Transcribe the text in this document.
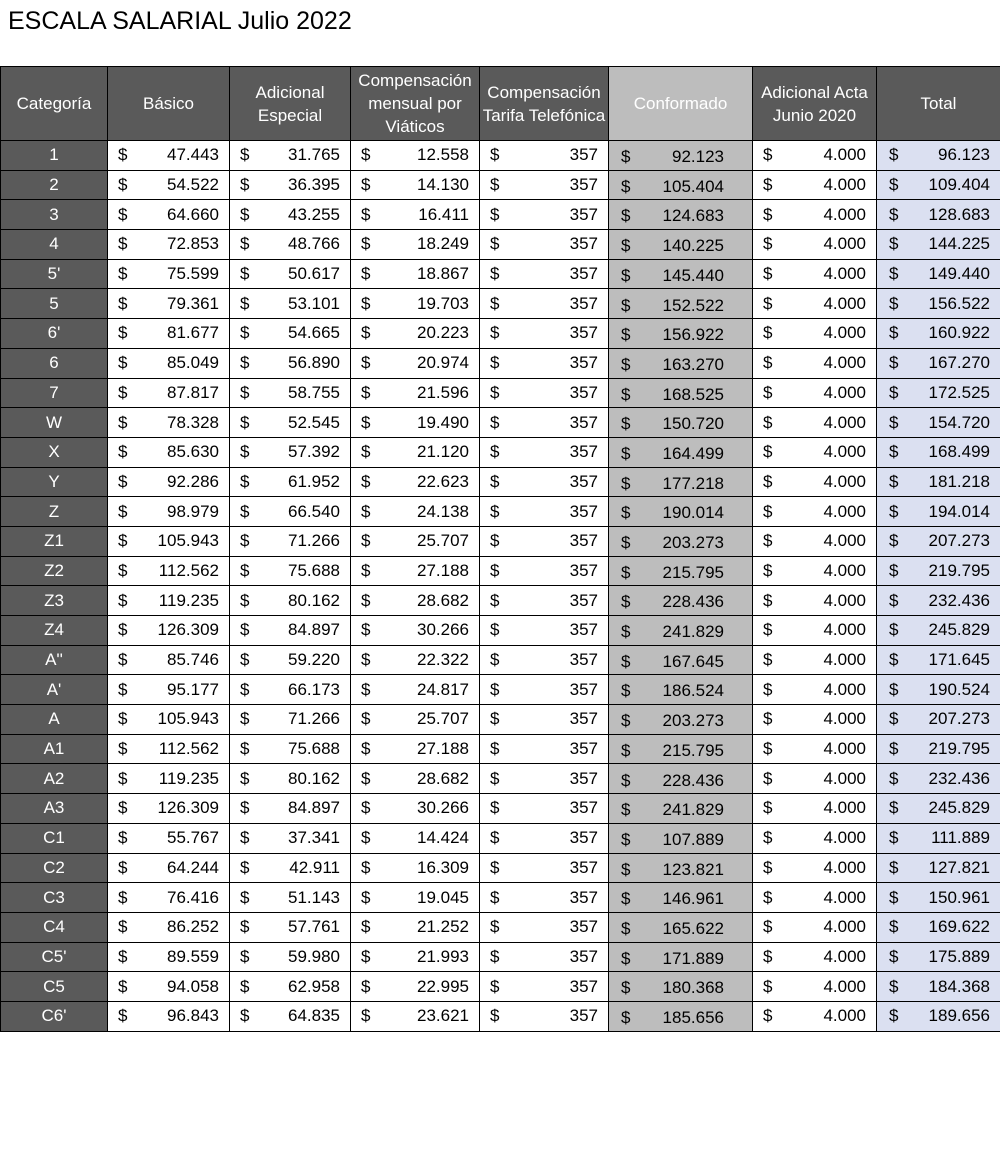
ESCALA SALARIAL Julio 2022
Categoría	Básico	Adicional Especial	Compensación mensual por Viáticos	Compensación Tarifa Telefónica	Conformado	Adicional Acta Junio 2020	Total
1	$ 47.443	$ 31.765	$ 12.558	$ 357	$ 92.123	$ 4.000	$ 96.123

2	$ 54.522	$ 36.395	$ 14.130	$ 357	$ 105.404	$ 4.000	$ 109.404

3	$ 64.660	$ 43.255	$ 16.411	$ 357	$ 124.683	$ 4.000	$ 128.683

4	$ 72.853	$ 48.766	$ 18.249	$ 357	$ 140.225	$ 4.000	$ 144.225

5'	$ 75.599	$ 50.617	$ 18.867	$ 357	$ 145.440	$ 4.000	$ 149.440

5	$ 79.361	$ 53.101	$ 19.703	$ 357	$ 152.522	$ 4.000	$ 156.522

6'	$ 81.677	$ 54.665	$ 20.223	$ 357	$ 156.922	$ 4.000	$ 160.922

6	$ 85.049	$ 56.890	$ 20.974	$ 357	$ 163.270	$ 4.000	$ 167.270

7	$ 87.817	$ 58.755	$ 21.596	$ 357	$ 168.525	$ 4.000	$ 172.525

W	$ 78.328	$ 52.545	$ 19.490	$ 357	$ 150.720	$ 4.000	$ 154.720

X	$ 85.630	$ 57.392	$ 21.120	$ 357	$ 164.499	$ 4.000	$ 168.499

Y	$ 92.286	$ 61.952	$ 22.623	$ 357	$ 177.218	$ 4.000	$ 181.218

Z	$ 98.979	$ 66.540	$ 24.138	$ 357	$ 190.014	$ 4.000	$ 194.014

Z1	$ 105.943	$ 71.266	$ 25.707	$ 357	$ 203.273	$ 4.000	$ 207.273

Z2	$ 112.562	$ 75.688	$ 27.188	$ 357	$ 215.795	$ 4.000	$ 219.795

Z3	$ 119.235	$ 80.162	$ 28.682	$ 357	$ 228.436	$ 4.000	$ 232.436

Z4	$ 126.309	$ 84.897	$ 30.266	$ 357	$ 241.829	$ 4.000	$ 245.829

A''	$ 85.746	$ 59.220	$ 22.322	$ 357	$ 167.645	$ 4.000	$ 171.645

A'	$ 95.177	$ 66.173	$ 24.817	$ 357	$ 186.524	$ 4.000	$ 190.524

A	$ 105.943	$ 71.266	$ 25.707	$ 357	$ 203.273	$ 4.000	$ 207.273

A1	$ 112.562	$ 75.688	$ 27.188	$ 357	$ 215.795	$ 4.000	$ 219.795

A2	$ 119.235	$ 80.162	$ 28.682	$ 357	$ 228.436	$ 4.000	$ 232.436

A3	$ 126.309	$ 84.897	$ 30.266	$ 357	$ 241.829	$ 4.000	$ 245.829

C1	$ 55.767	$ 37.341	$ 14.424	$ 357	$ 107.889	$ 4.000	$ 111.889

C2	$ 64.244	$ 42.911	$ 16.309	$ 357	$ 123.821	$ 4.000	$ 127.821

C3	$ 76.416	$ 51.143	$ 19.045	$ 357	$ 146.961	$ 4.000	$ 150.961

C4	$ 86.252	$ 57.761	$ 21.252	$ 357	$ 165.622	$ 4.000	$ 169.622

C5'	$ 89.559	$ 59.980	$ 21.993	$ 357	$ 171.889	$ 4.000	$ 175.889

C5	$ 94.058	$ 62.958	$ 22.995	$ 357	$ 180.368	$ 4.000	$ 184.368

C6'	$ 96.843	$ 64.835	$ 23.621	$ 357	$ 185.656	$ 4.000	$ 189.656
